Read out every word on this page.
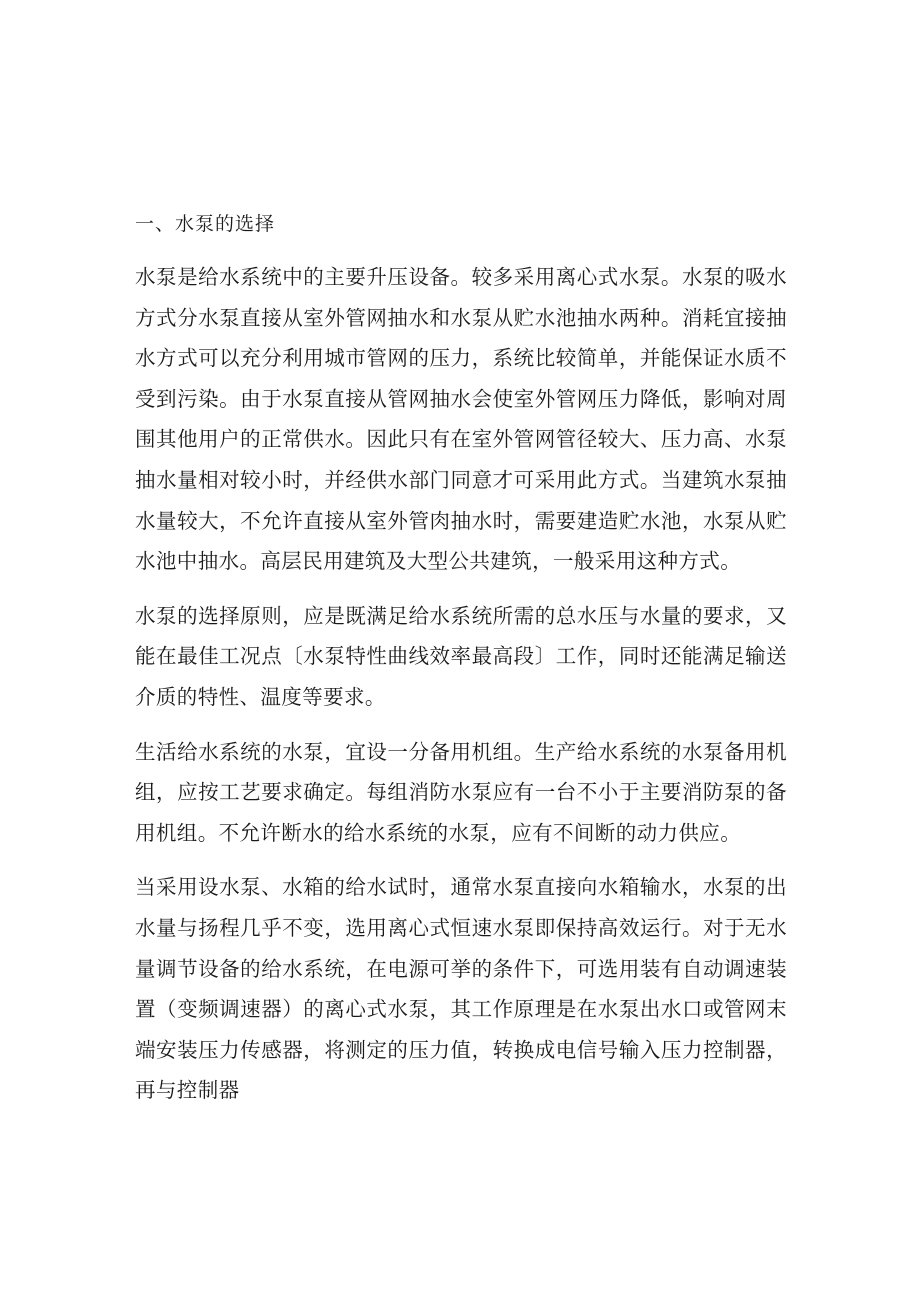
一、水泵的选择

水泵是给水系统中的主要升压设备。较多采用离心式水泵。水泵的吸水方式分水泵直接从室外管网抽水和水泵从贮水池抽水两种。消耗宜接抽水方式可以充分利用城市管网的压力，系统比较简单，并能保证水质不受到污染。由于水泵直接从管网抽水会使室外管网压力降低，影响对周围其他用户的正常供水。因此只有在室外管网管径较大、压力高、水泵抽水量相对较小时，并经供水部门同意才可采用此方式。当建筑水泵抽水量较大，不允许直接从室外管肉抽水时，需要建造贮水池，水泵从贮水池中抽水。高层民用建筑及大型公共建筑，一般采用这种方式。

水泵的选择原则，应是既满足给水系统所需的总水压与水量的要求，又能在最佳工况点〔水泵特性曲线效率最高段〕工作，同时还能满足输送介质的特性、温度等要求。

生活给水系统的水泵，宜设一分备用机组。生产给水系统的水泵备用机组，应按工艺要求确定。每组消防水泵应有一台不小于主要消防泵的备用机组。不允许断水的给水系统的水泵，应有不间断的动力供应。

当采用设水泵、水箱的给水试时，通常水泵直接向水箱输水，水泵的出水量与扬程几乎不变，选用离心式恒速水泵即保持高效运行。对于无水量调节设备的给水系统，在电源可挙的条件下，可选用装有自动调速装置（变频调速器）的离心式水泵，其工作原理是在水泵出水口或管网末端安装压力传感器，将测定的压力值，转换成电信号输入压力控制器，再与控制器
